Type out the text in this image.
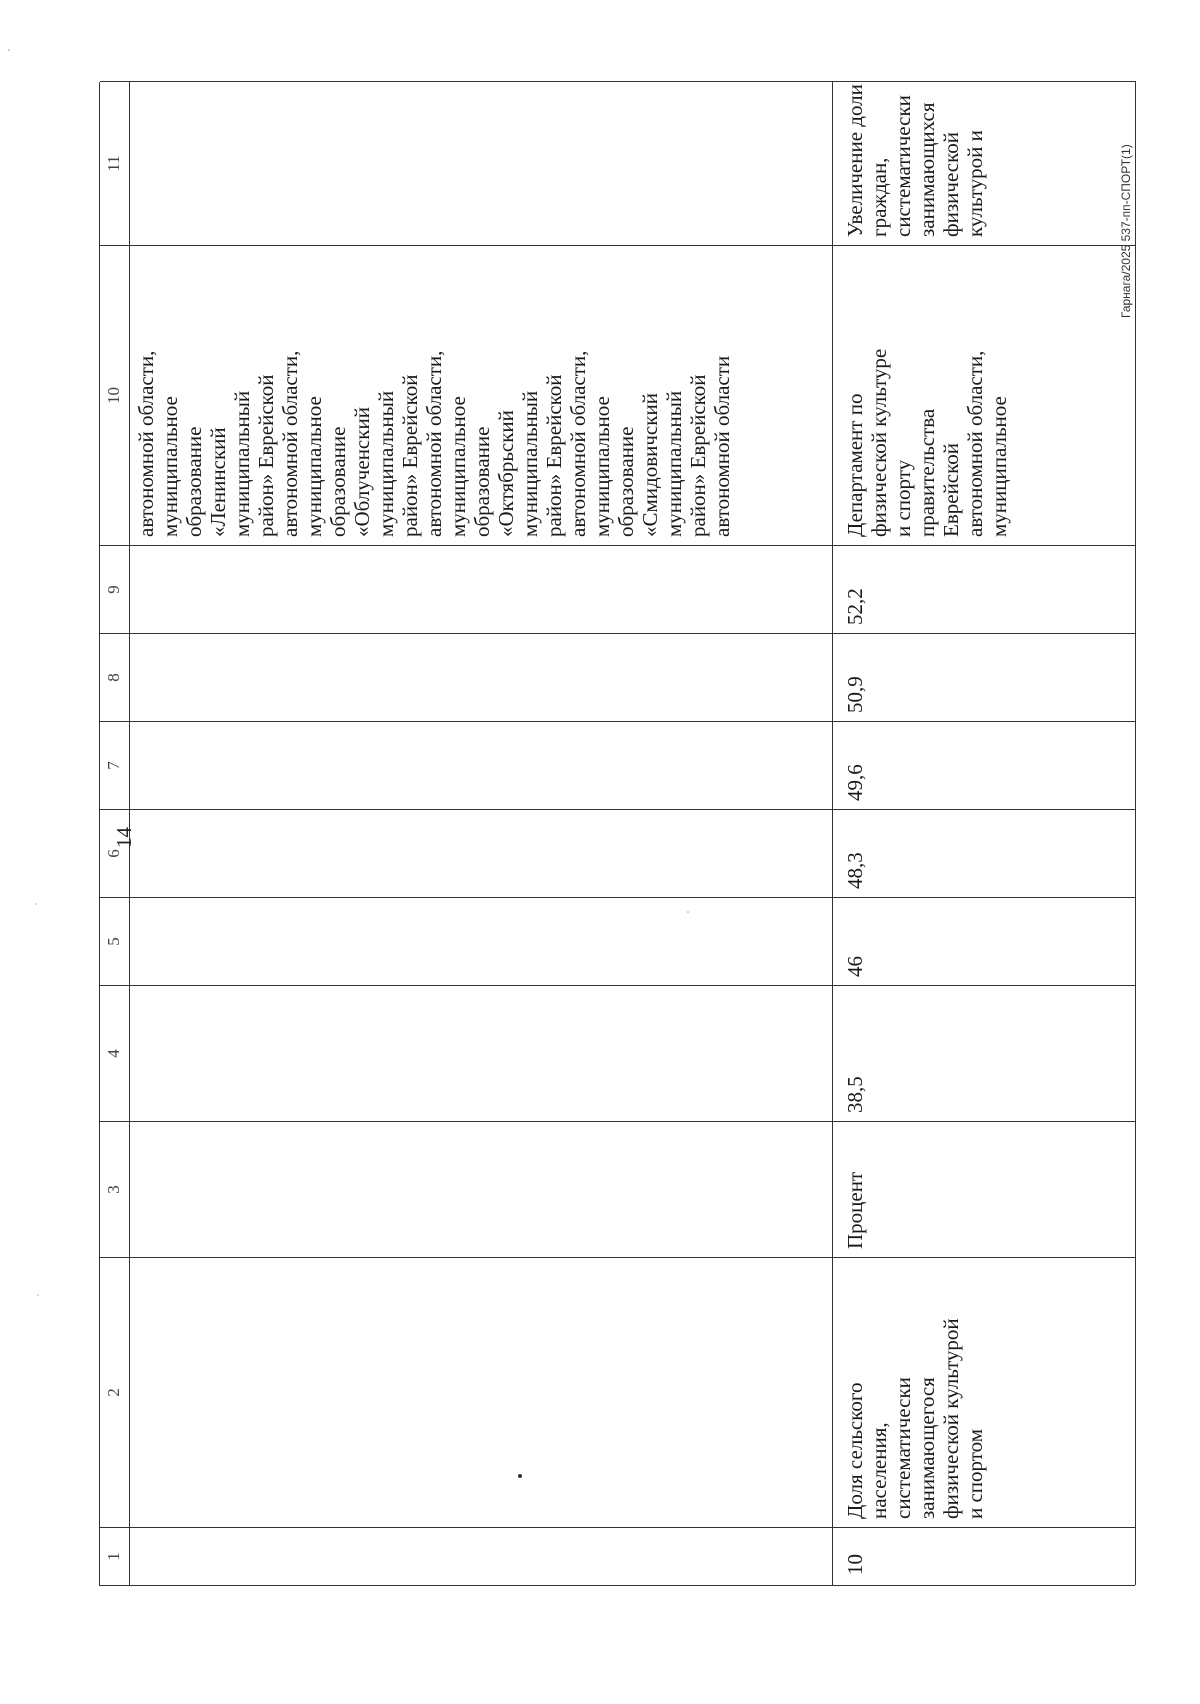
1
2
3
4
5
6
7
8
9
10
11
автономной области, муниципальное образование «Ленинский муниципальный район» Еврейской автономной области, муниципальное образование «Облученский муниципальный район» Еврейской автономной области, муниципальное образование «Октябрьский муниципальный район» Еврейской автономной области, муниципальное образование «Смидовичский муниципальный район» Еврейской автономной области
10
Доля сельского населения, систематически занимающегося физической культурой и спортом
Процент
38,5
46
48,3
49,6
50,9
52,2
Департамент по физической культуре и спорту правительства Еврейской автономной области, муниципальное
Увеличение доли граждан, систематически занимающихся физической культурой и
14
Гарнага/2025 537-пп-СПОРТ(1)
